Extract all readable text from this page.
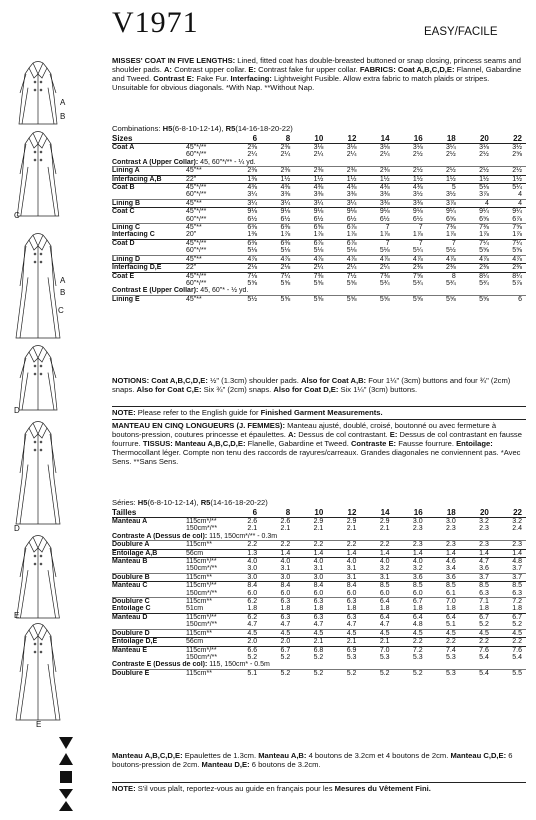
V1971	EASY/FACILE
A
B
C
A
B
C
D
D
E
E
MISSES' COAT IN FIVE LENGTHS: Lined, fitted coat has double-breasted buttoned or snap closing, princess seams and shoulder pads. A: Contrast upper collar. E: Contrast fake fur upper collar. FABRICS: Coat A,B,C,D,E: Flannel, Gabardine and Tweed. Contrast E: Fake Fur. Interfacing: Lightweight Fusible. Allow extra fabric to match plaids or stripes. Unsuitable for obvious diagonals. *With Nap. **Without Nap.
Combinations: H5(6-8-10-12-14), R5(14-16-18-20-22)
Sizes		6	8	10	12	14	16	18	20	22
Coat A	45"*/**	2⅜	2⅜	3⅛	3⅛	3⅛	3⅛	3¼	3⅛	3½
	60"*/**	2¼	2¼	2¼	2¼	2¼	2½	2½	2½	2⅝
Contrast A (Upper Collar): 45, 60"*/** - ¼ yd.										
Lining A	45"**	2⅜	2⅜	2⅜	2⅜	2⅜	2½	2½	2½	2½
Interfacing A,B	22"	1⅜	1½	1½	1½	1½	1½	1½	1½	1½
Coat B	45"*/**	4⅜	4⅜	4⅜	4⅜	4⅜	4⅜	5	5⅛	5¼
	60"*/**	3¼	3⅜	3⅜	3⅜	3⅜	3½	3½	3⅞	4
Lining B	45"**	3¼	3¼	3¼	3¼	3⅜	3⅜	3⅞	4	4
Coat C	45"*/**	9⅛	9⅛	9⅛	9⅛	9⅛	9⅛	9¼	9¼	9¼
	60"*/**	6½	6½	6½	6½	6½	6½	6⅝	6⅝	6⅞
Lining C	45"**	6⅜	6⅜	6⅝	6⅞	7	7	7⅜	7⅜	7⅝
Interfacing C	20"	1⅜	1⅞	1⅞	1⅞	1⅞	1⅞	1⅞	1⅞	1⅞
Coat D	45"*/**	6⅜	6⅜	6⅞	6⅞	7	7	7	7¼	7¼
	60"*/**	5⅛	5⅛	5⅛	5⅛	5⅛	5¼	5½	5⅝	5⅝
Lining D	45"**	4⅞	4⅞	4⅞	4⅞	4⅞	4⅞	4⅞	4⅞	4⅞
Interfacing D,E	22"	2⅛	2⅛	2¼	2¼	2¼	2⅜	2⅜	2⅜	2⅜
Coat E	45"*/**	7⅛	7¼	7⅜	7½	7⅜	7⅝	8	8¼	8¼
	60"*/**	5⅝	5⅝	5⅝	5⅝	5¾	5¾	5¾	5¾	5⅞
Contrast E (Upper Collar): 45, 60"* - ½ yd.										
Lining E	45"**	5½	5⅝	5⅝	5⅝	5⅝	5⅝	5⅝	5⅝	6
NOTIONS: Coat A,B,C,D,E: ½" (1.3cm) shoulder pads. Also for Coat A,B: Four 1¼" (3cm) buttons and four ¾" (2cm) snaps. Also for Coat C,E: Six ¾" (2cm) snaps. Also for Coat D,E: Six 1¼" (3cm) buttons.
NOTE: Please refer to the English guide for Finished Garment Measurements.
MANTEAU EN CINQ LONGUEURS (J. FEMMES): Manteau ajusté, doublé, croisé, boutonné ou avec fermeture à boutons-pression, coutures princesse et épaulettes. A: Dessus de col contrastant. E: Dessus de col contrastant en fausse fourrure. TISSUS: Manteau A,B,C,D,E: Flanelle, Gabardine et Tweed. Contraste E: Fausse fourrure. Entoilage: Thermocollant léger. Compte non tenu des raccords de rayures/carreaux. Grandes diagonales ne conviennent pas. *Avec Sens. **Sans Sens.
Séries: H5(6-8-10-12-14), R5(14-16-18-20-22)
Tailles		6	8	10	12	14	16	18	20	22
Manteau A	115cm*/**	2.6	2.6	2.9	2.9	2.9	3.0	3.0	3.2	3.2
	150cm*/**	2.1	2.1	2.1	2.1	2.1	2.3	2.3	2.3	2.4
Contraste A (Dessus de col): 115, 150cm*/** - 0.3m										
Doublure A	115cm**	2.2	2.2	2.2	2.2	2.2	2.3	2.3	2.3	2.3
Entoilage A,B	56cm	1.3	1.4	1.4	1.4	1.4	1.4	1.4	1.4	1.4
Manteau B	115cm*/**	4.0	4.0	4.0	4.0	4.0	4.0	4.6	4.7	4.8
	150cm*/**	3.0	3.1	3.1	3.1	3.2	3.2	3.4	3.6	3.7
Doublure B	115cm**	3.0	3.0	3.0	3.1	3.1	3.6	3.6	3.7	3.7
Manteau C	115cm*/**	8.4	8.4	8.4	8.4	8.5	8.5	8.5	8.5	8.5
	150cm*/**	6.0	6.0	6.0	6.0	6.0	6.0	6.1	6.3	6.3
Doublure C	115cm**	6.2	6.3	6.3	6.3	6.4	6.7	7.0	7.1	7.2
Entoilage C	51cm	1.8	1.8	1.8	1.8	1.8	1.8	1.8	1.8	1.8
Manteau D	115cm*/**	6.2	6.3	6.3	6.3	6.4	6.4	6.4	6.7	6.7
	150cm*/**	4.7	4.7	4.7	4.7	4.7	4.8	5.1	5.2	5.2
Doublure D	115cm**	4.5	4.5	4.5	4.5	4.5	4.5	4.5	4.5	4.5
Entoilage D,E	56cm	2.0	2.0	2.1	2.1	2.1	2.2	2.2	2.2	2.2
Manteau E	115cm*/**	6.6	6.7	6.8	6.9	7.0	7.2	7.4	7.6	7.6
	150cm*/**	5.2	5.2	5.2	5.3	5.3	5.3	5.3	5.4	5.4
Contraste E (Dessus de col): 115, 150cm* - 0.5m										
Doublure E	115cm**	5.1	5.2	5.2	5.2	5.2	5.2	5.3	5.4	5.5
Manteau A,B,C,D,E: Epaulettes de 1.3cm. Manteau A,B: 4 boutons de 3.2cm et 4 boutons de 2cm. Manteau C,D,E: 6 boutons-pression de 2cm. Manteau D,E: 6 boutons de 3.2cm.
NOTE: S'il vous plaît, reportez-vous au guide en français pour les Mesures du Vêtement Fini.
